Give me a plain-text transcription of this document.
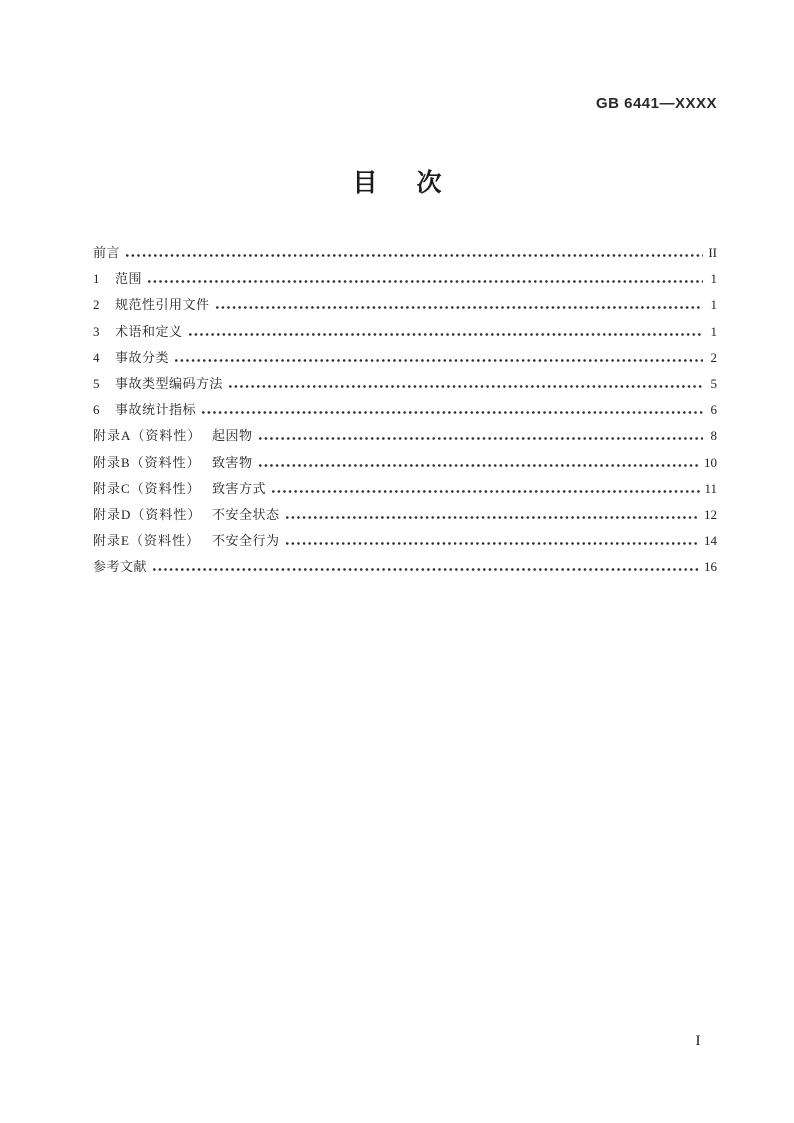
GB 6441—XXXX
目 次
前言	II
1	范围	1
2	规范性引用文件	1
3	术语和定义	1
4	事故分类	2
5	事故类型编码方法	5
6	事故统计指标	6
附录A（资料性） 起因物	8
附录B（资料性） 致害物	10
附录C（资料性） 致害方式	11
附录D（资料性） 不安全状态	12
附录E（资料性） 不安全行为	14
参考文献	16
I
